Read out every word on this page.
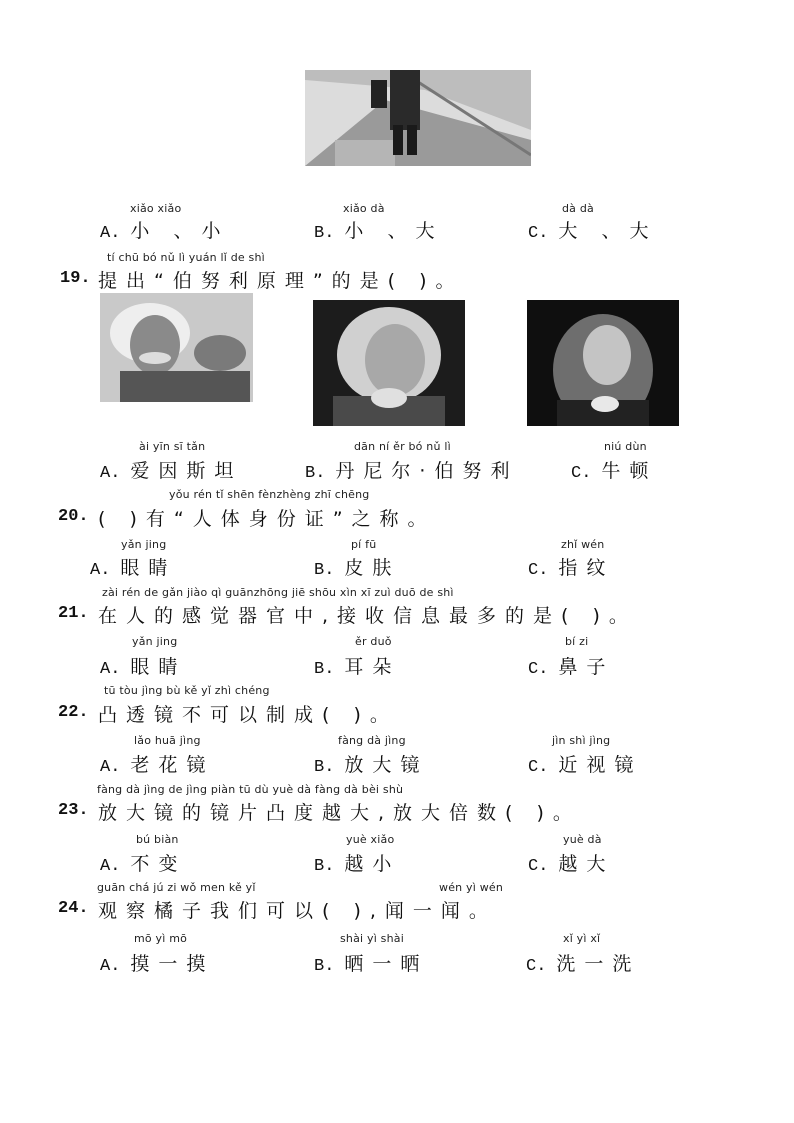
xiǎo xiǎo
A. 小 、小
xiǎo dà
B. 小 、大
dà dà
C. 大 、大
tí chū bó nǔ lì yuán lǐ de shì
19. 提出“伯努利原理”的是( )。
ài yīn sī tǎn
A. 爱因斯坦
dān ní ěr bó nǔ lì
B. 丹尼尔·伯努利
niú dùn
C. 牛顿
yǒu rén tǐ shēn fènzhèng zhī chēng
20. ( )有“人体身份证”之称。
yǎn jing
A. 眼睛
pí fū
B. 皮肤
zhǐ wén
C. 指纹
zài rén de gǎn jiào qì guānzhōng jiē shōu xìn xī zuì duō de shì
21. 在人的感觉器官中,接收信息最多的是( )。
yǎn jing
A. 眼睛
ěr duǒ
B. 耳朵
bí zi
C. 鼻子
tū tòu jìng bù kě yǐ zhì chéng
22. 凸透镜不可以制成( )。
lǎo huā jìng
A. 老花镜
fàng dà jìng
B. 放大镜
jìn shì jìng
C. 近视镜
fàng dà jìng de jìng piàn tū dù yuè dà fàng dà bèi shù
23. 放大镜的镜片凸度越大,放大倍数( )。
bú biàn
A. 不变
yuè xiǎo
B. 越小
yuè dà
C. 越大
guān chá jú zi wǒ men kě yǐ	wén yì wén
24. 观察橘子我们可以( ),闻一闻。
mō yì mō
A. 摸一摸
shài yì shài
B. 晒一晒
xǐ yì xǐ
C. 洗一洗
